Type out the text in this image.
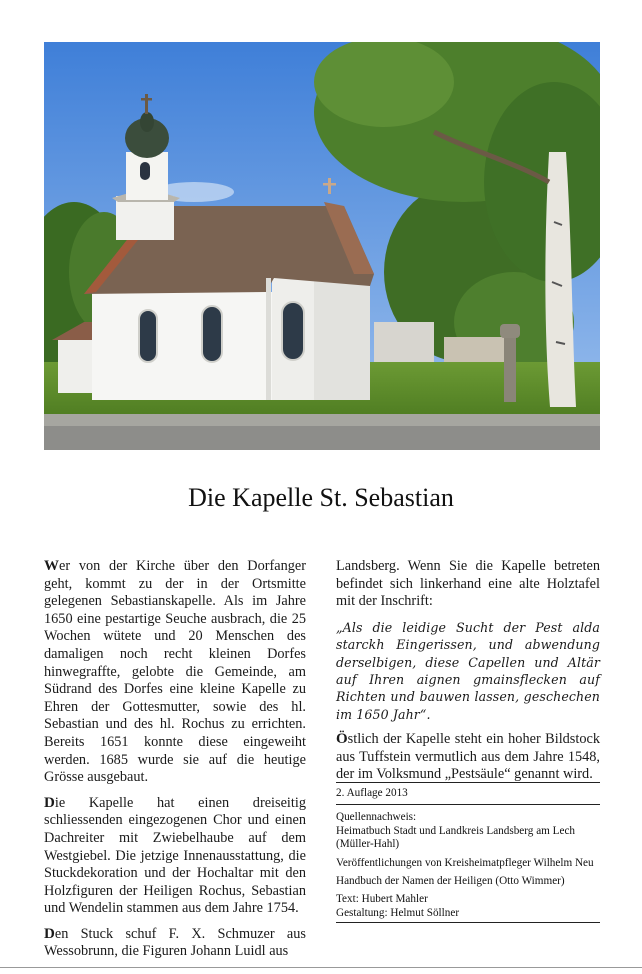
Die Kapelle St. Sebastian

Wer von der Kirche über den Dorfanger geht, kommt zu der in der Ortsmitte gelegenen Sebastianskapelle. Als im Jahre 1650 eine pestartige Seuche ausbrach, die 25 Wochen wütete und 20 Menschen des damaligen noch recht kleinen Dorfes hinwegraffte, gelobte die Gemeinde, am Südrand des Dorfes eine kleine Kapelle zu Ehren der Gottesmutter, sowie des hl. Sebastian und des hl. Rochus zu errichten. Bereits 1651 konnte diese eingeweiht werden. 1685 wurde sie auf die heutige Grösse ausgebaut.

Die Kapelle hat einen dreiseitig schliessenden eingezogenen Chor und einen Dachreiter mit Zwiebelhaube auf dem Westgiebel. Die jetzige Innenausstattung, die Stuckdekoration und der Hochaltar mit den Holzfiguren der Heiligen Rochus, Sebastian und Wendelin stammen aus dem Jahre 1754.

Den Stuck schuf F. X. Schmuzer aus Wessobrunn, die Figuren Johann Luidl aus

Landsberg. Wenn Sie die Kapelle betreten befindet sich linkerhand eine alte Holztafel mit der Inschrift:

„Als die leidige Sucht der Pest alda starckh Eingerissen, und abwendung derselbigen, diese Capellen und Altär auf Ihren aignen gmainsflecken auf Richten und bauwen lassen, geschechen im 1650 Jahr“.

Östlich der Kapelle steht ein hoher Bildstock aus Tuffstein vermutlich aus dem Jahre 1548, der im Volksmund „Pestsäule“ genannt wird.

2. Auflage 2013
Quellennachweis:
Heimatbuch Stadt und Landkreis Landsberg am Lech (Müller-Hahl)
Veröffentlichungen von Kreisheimatpfleger Wilhelm Neu
Handbuch der Namen der Heiligen (Otto Wimmer)
Text: Hubert Mahler
Gestaltung: Helmut Söllner
